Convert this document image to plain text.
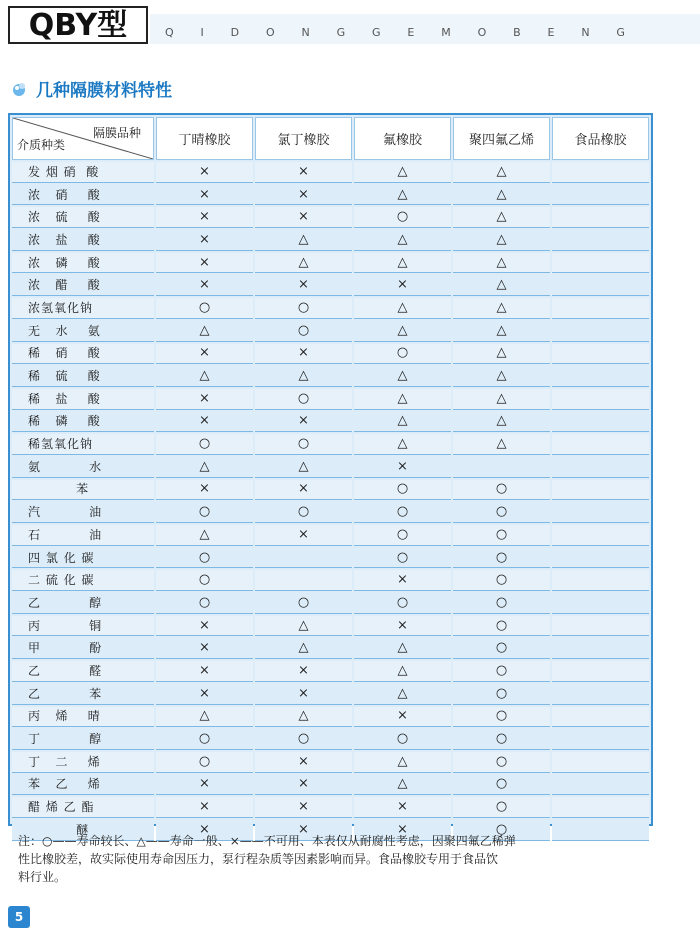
QBY型	Q I D O N G G E M O B E N G
几种隔膜材料特性
隔膜品种
介质种类	丁晴橡胶	氯丁橡胶	氟橡胶	聚四氟乙烯	食品橡胶
发 烟 硝  酸	×	×	△	△	
浓   硝    酸	×	×	△	△	
浓   硫    酸	×	×	○	△	
浓   盐    酸	×	△	△	△	
浓   磷    酸	×	△	△	△	
浓   醋    酸	×	×	×	△	
浓氢氧化钠	○	○	△	△	
无   水    氨	△	○	△	△	
稀   硝    酸	×	×	○	△	
稀   硫    酸	△	△	△	△	
稀   盐    酸	×	○	△	△	
稀   磷    酸	×	×	△	△	
稀氢氧化钠	○	○	△	△	
氨          水	△	△	×		
苯	×	×	○	○	
汽          油	○	○	○	○	
石          油	△	×	○	○	
四 氯 化 碳	○		○	○	
二 硫 化 碳	○		×	○	
乙          醇	○	○	○	○	
丙          铜	×	△	×	○	
甲          酚	×	△	△	○	
乙          醛	×	×	△	○	
乙          苯	×	×	△	○	
丙   烯    晴	△	△	×	○	
丁          醇	○	○	○	○	
丁   二    烯	○	×	△	○	
苯   乙    烯	×	×	△	○	
醋 烯 乙 酯	×	×	×	○	
醚	×	×	×	○	
注：○——寿命较长、△——寿命一般、×——不可用、本表仅从耐腐性考虑，因聚四氟乙稀弹
性比橡胶差，故实际使用寿命因压力，泵行程杂质等因素影响而异。食品橡胶专用于食品饮
料行业。
5
